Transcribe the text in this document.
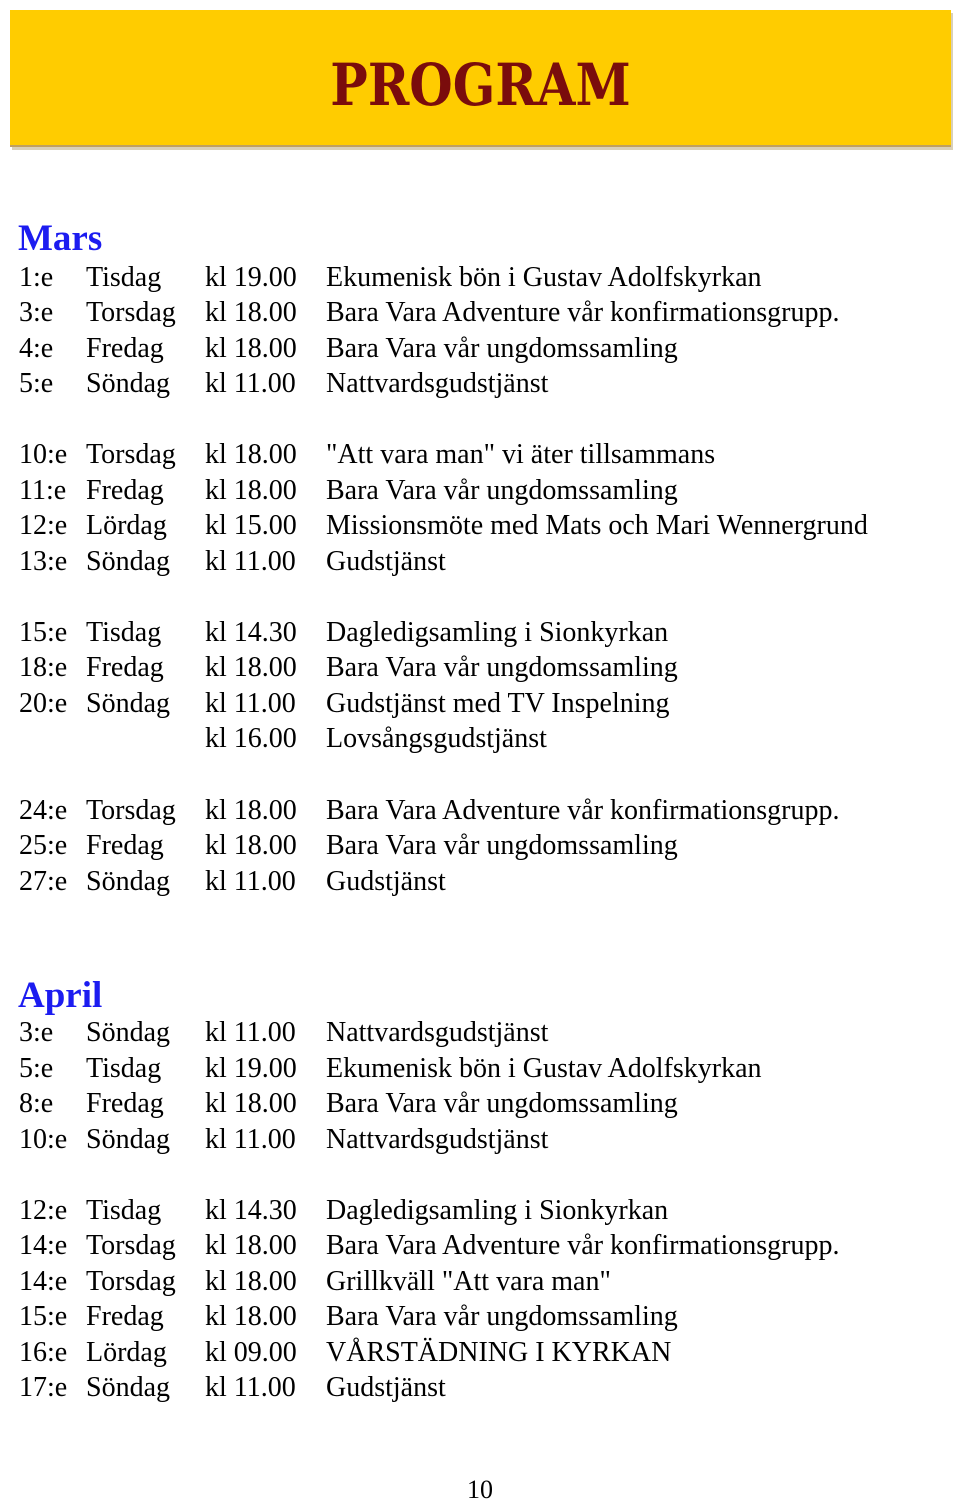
PROGRAM
Mars
1:e Tisdag kl 19.00 Ekumenisk bön i Gustav Adolfskyrkan
3:e Torsdag kl 18.00 Bara Vara Adventure vår konfirmationsgrupp.
4:e Fredag kl 18.00 Bara Vara vår ungdomssamling
5:e Söndag kl 11.00 Nattvardsgudstjänst
10:e Torsdag kl 18.00 "Att vara man" vi äter tillsammans
11:e Fredag kl 18.00 Bara Vara vår ungdomssamling
12:e Lördag kl 15.00 Missionsmöte med Mats och Mari Wennergrund
13:e Söndag kl 11.00 Gudstjänst
15:e Tisdag kl 14.30 Dagledigsamling i Sionkyrkan
18:e Fredag kl 18.00 Bara Vara vår ungdomssamling
20:e Söndag kl 11.00 Gudstjänst med TV Inspelning
kl 16.00 Lovsångsgudstjänst
24:e Torsdag kl 18.00 Bara Vara Adventure vår konfirmationsgrupp.
25:e Fredag kl 18.00 Bara Vara vår ungdomssamling
27:e Söndag kl 11.00 Gudstjänst
April
3:e Söndag kl 11.00 Nattvardsgudstjänst
5:e Tisdag kl 19.00 Ekumenisk bön i Gustav Adolfskyrkan
8:e Fredag kl 18.00 Bara Vara vår ungdomssamling
10:e Söndag kl 11.00 Nattvardsgudstjänst
12:e Tisdag kl 14.30 Dagledigsamling i Sionkyrkan
14:e Torsdag kl 18.00 Bara Vara Adventure vår konfirmationsgrupp.
14:e Torsdag kl 18.00 Grillkväll "Att vara man"
15:e Fredag kl 18.00 Bara Vara vår ungdomssamling
16:e Lördag kl 09.00 VÅRSTÄDNING I KYRKAN
17:e Söndag kl 11.00 Gudstjänst
10
